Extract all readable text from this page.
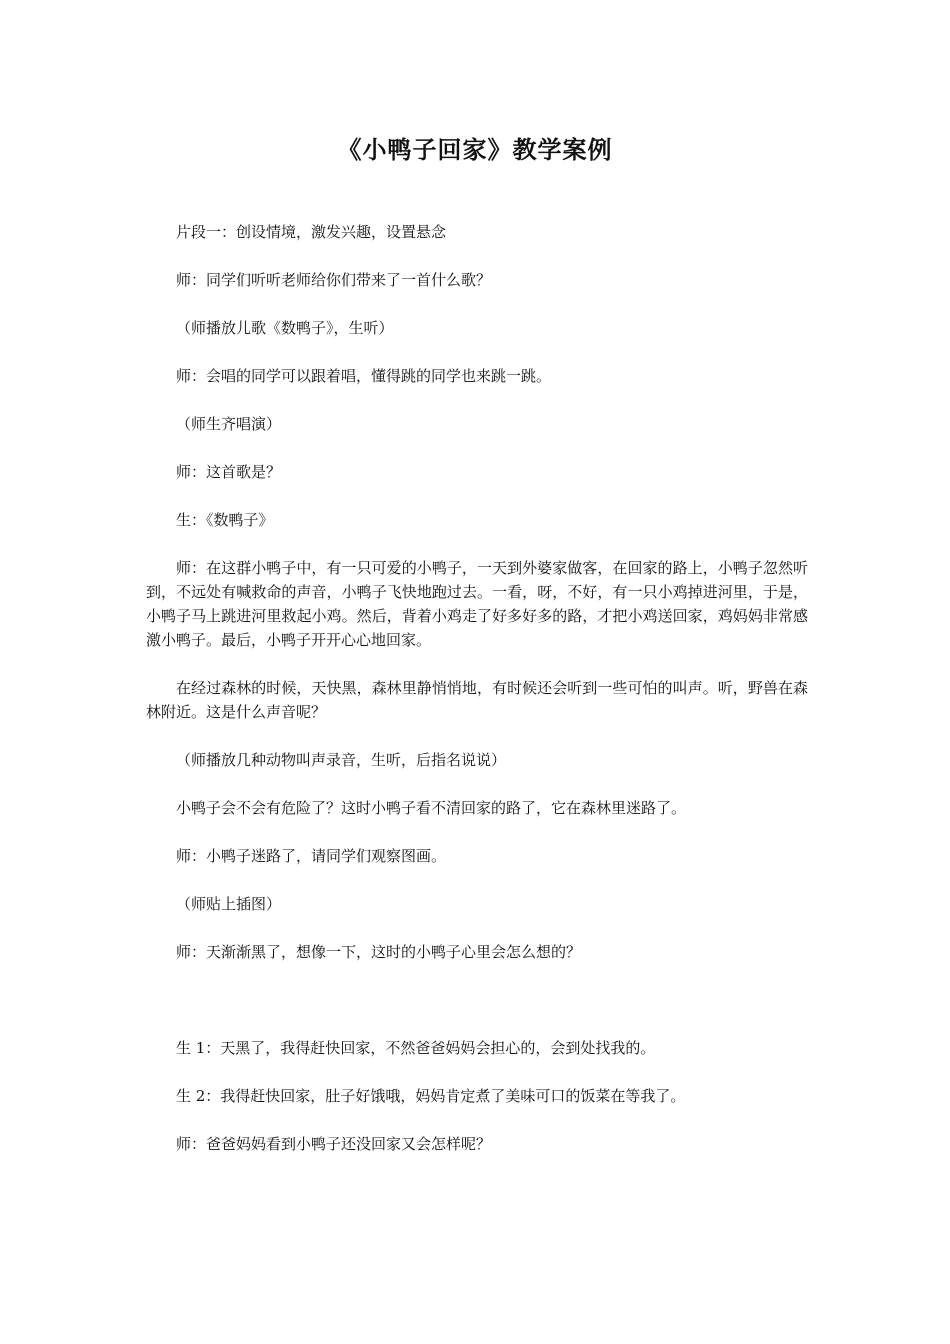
《小鸭子回家》教学案例

片段一：创设情境，激发兴趣，设置悬念

师：同学们听听老师给你们带来了一首什么歌？

（师播放儿歌《数鸭子》，生听）

师：会唱的同学可以跟着唱，懂得跳的同学也来跳一跳。

（师生齐唱演）

师：这首歌是？

生：《数鸭子》

师：在这群小鸭子中，有一只可爱的小鸭子，一天到外婆家做客，在回家的路上，小鸭子忽然听到，不远处有喊救命的声音，小鸭子飞快地跑过去。一看，呀，不好，有一只小鸡掉进河里，于是，小鸭子马上跳进河里救起小鸡。然后，背着小鸡走了好多好多的路，才把小鸡送回家，鸡妈妈非常感激小鸭子。最后，小鸭子开开心心地回家。

在经过森林的时候，天快黑，森林里静悄悄地，有时候还会听到一些可怕的叫声。听，野兽在森林附近。这是什么声音呢？

（师播放几种动物叫声录音，生听，后指名说说）

小鸭子会不会有危险了？这时小鸭子看不清回家的路了，它在森林里迷路了。

师：小鸭子迷路了，请同学们观察图画。

（师贴上插图）

师：天渐渐黑了，想像一下，这时的小鸭子心里会怎么想的？

生 1：天黑了，我得赶快回家，不然爸爸妈妈会担心的，会到处找我的。

生 2：我得赶快回家，肚子好饿哦，妈妈肯定煮了美味可口的饭菜在等我了。

师：爸爸妈妈看到小鸭子还没回家又会怎样呢？
